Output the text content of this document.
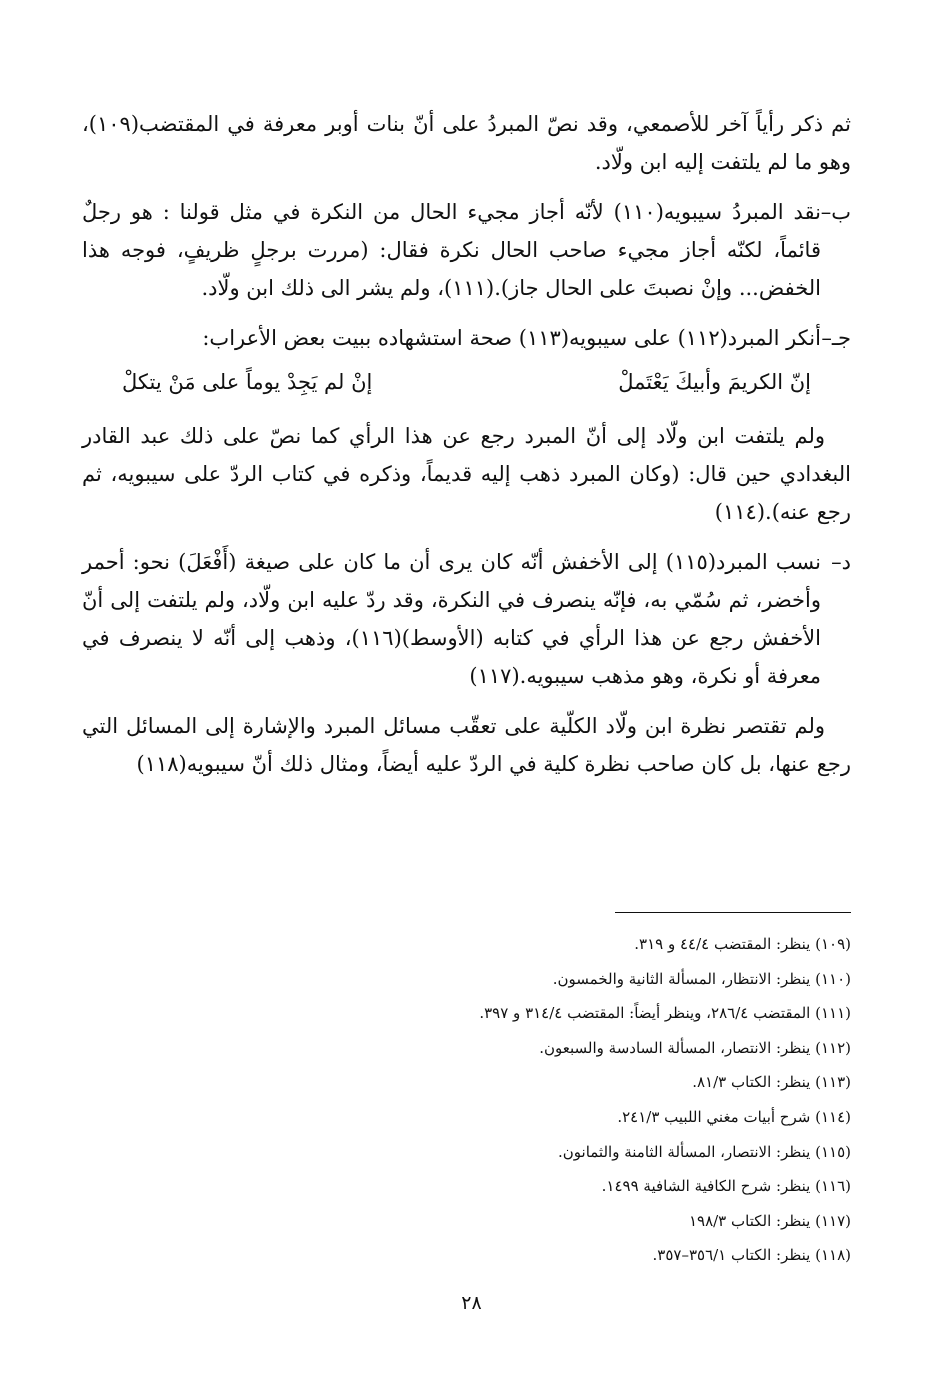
ثم ذكر رأياً آخر للأصمعي، وقد نصّ المبردُ على أنّ بنات أوبر معرفة في المقتضب(١٠٩)، وهو ما لم يلتفت إليه ابن ولّاد.

ب–
نقد المبردُ سيبويه(١١٠) لأنّه أجاز مجيء الحال من النكرة في مثل قولنا : هو رجلٌ قائماً، لكنّه أجاز مجيء صاحب الحال نكرة فقال: (مررت برجلٍ ظريفٍ، فوجه هذا الخفض... وإنْ نصبتَ على الحال جاز).(١١١)، ولم يشر الى ذلك ابن ولّاد.
جـ–
أنكر المبرد(١١٢) على سيبويه(١١٣) صحة استشهاده ببيت بعض الأعراب:
إنّ الكريمَ وأبيكَ يَعْتَملْ
إنْ لم يَجِدْ يوماً على مَنْ يتكلْ

ولم يلتفت ابن ولّاد إلى أنّ المبرد رجع عن هذا الرأي كما نصّ على ذلك عبد القادر البغدادي حين قال: (وكان المبرد ذهب إليه قديماً، وذكره في كتاب الردّ على سيبويه، ثم رجع عنه).(١١٤)

د–
نسب المبرد(١١٥) إلى الأخفش أنّه كان يرى أن ما كان على صيغة (أَفْعَلَ) نحو: أحمر وأخضر، ثم سُمّي به، فإنّه ينصرف في النكرة، وقد ردّ عليه ابن ولّاد، ولم يلتفت إلى أنّ الأخفش رجع عن هذا الرأي في كتابه (الأوسط)(١١٦)، وذهب إلى أنّه لا ينصرف في معرفة أو نكرة، وهو مذهب سيبويه.(١١٧)

ولم تقتصر نظرة ابن ولّاد الكلّية على تعقّب مسائل المبرد والإشارة إلى المسائل التي رجع عنها، بل كان صاحب نظرة كلية في الردّ عليه أيضاً، ومثال ذلك أنّ سيبويه(١١٨)

(١٠٩) ينظر: المقتضب ٤٤/٤ و ٣١٩.
(١١٠) ينظر: الانتظار، المسألة الثانية والخمسون.
(١١١) المقتضب ٢٨٦/٤، وينظر أيضاً: المقتضب ٣١٤/٤ و ٣٩٧.
(١١٢) ينظر: الانتصار، المسألة السادسة والسبعون.
(١١٣) ينظر: الكتاب ٨١/٣.
(١١٤) شرح أبيات مغني اللبيب ٢٤١/٣.
(١١٥) ينظر: الانتصار، المسألة الثامنة والثمانون.
(١١٦) ينظر: شرح الكافية الشافية ١٤٩٩.
(١١٧) ينظر: الكتاب ١٩٨/٣
(١١٨) ينظر: الكتاب ٣٥٦/١–٣٥٧.
٢٨
